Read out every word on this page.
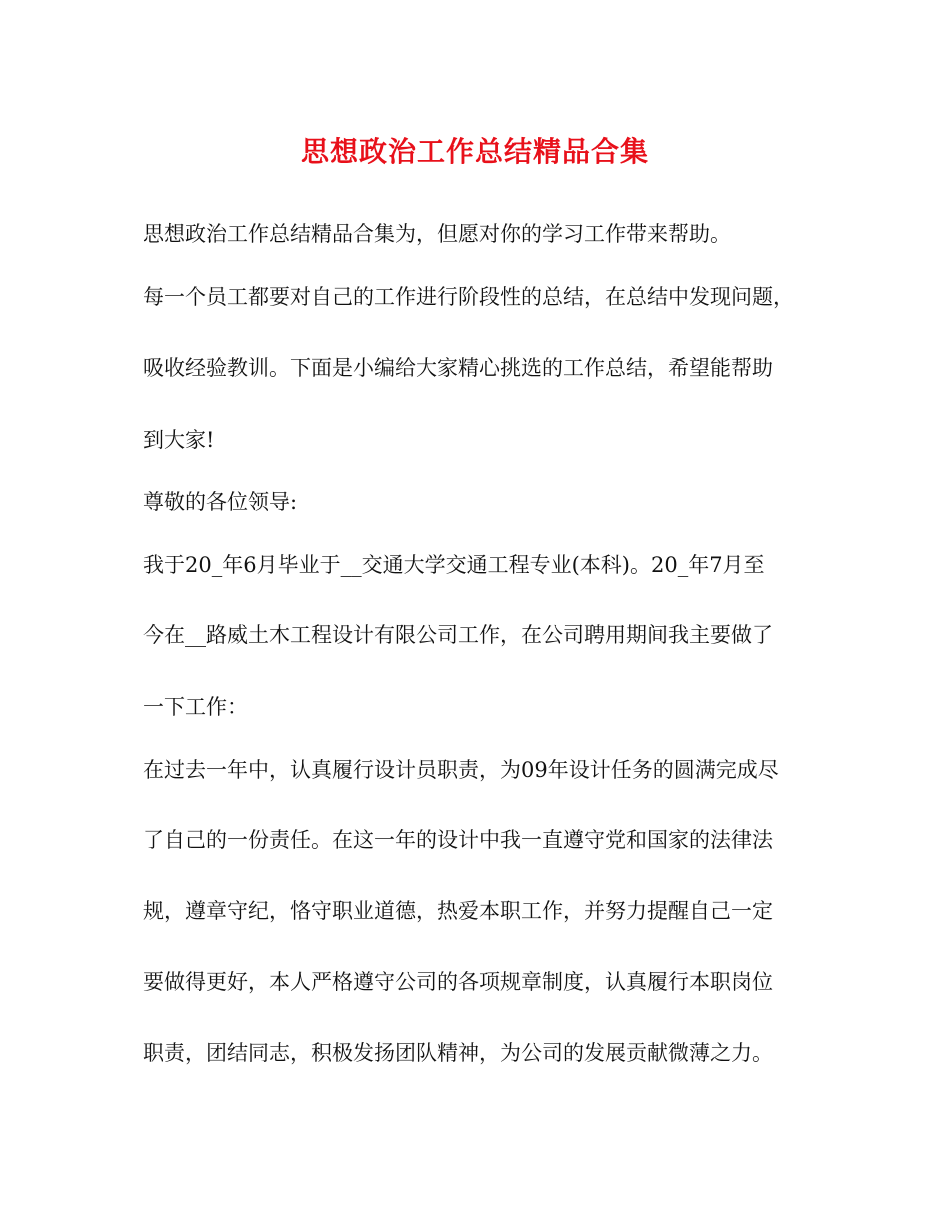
思想政治工作总结精品合集
思想政治工作总结精品合集为，但愿对你的学习工作带来帮助。
每一个员工都要对自己的工作进行阶段性的总结，在总结中发现问题，
吸收经验教训。下面是小编给大家精心挑选的工作总结，希望能帮助
到大家!
尊敬的各位领导:
我于20_年6月毕业于__交通大学交通工程专业(本科)。20_年7月至
今在__路威土木工程设计有限公司工作，在公司聘用期间我主要做了
一下工作：
在过去一年中，认真履行设计员职责，为09年设计任务的圆满完成尽
了自己的一份责任。在这一年的设计中我一直遵守党和国家的法律法
规，遵章守纪，恪守职业道德，热爱本职工作，并努力提醒自己一定
要做得更好，本人严格遵守公司的各项规章制度，认真履行本职岗位
职责，团结同志，积极发扬团队精神，为公司的发展贡献微薄之力。
